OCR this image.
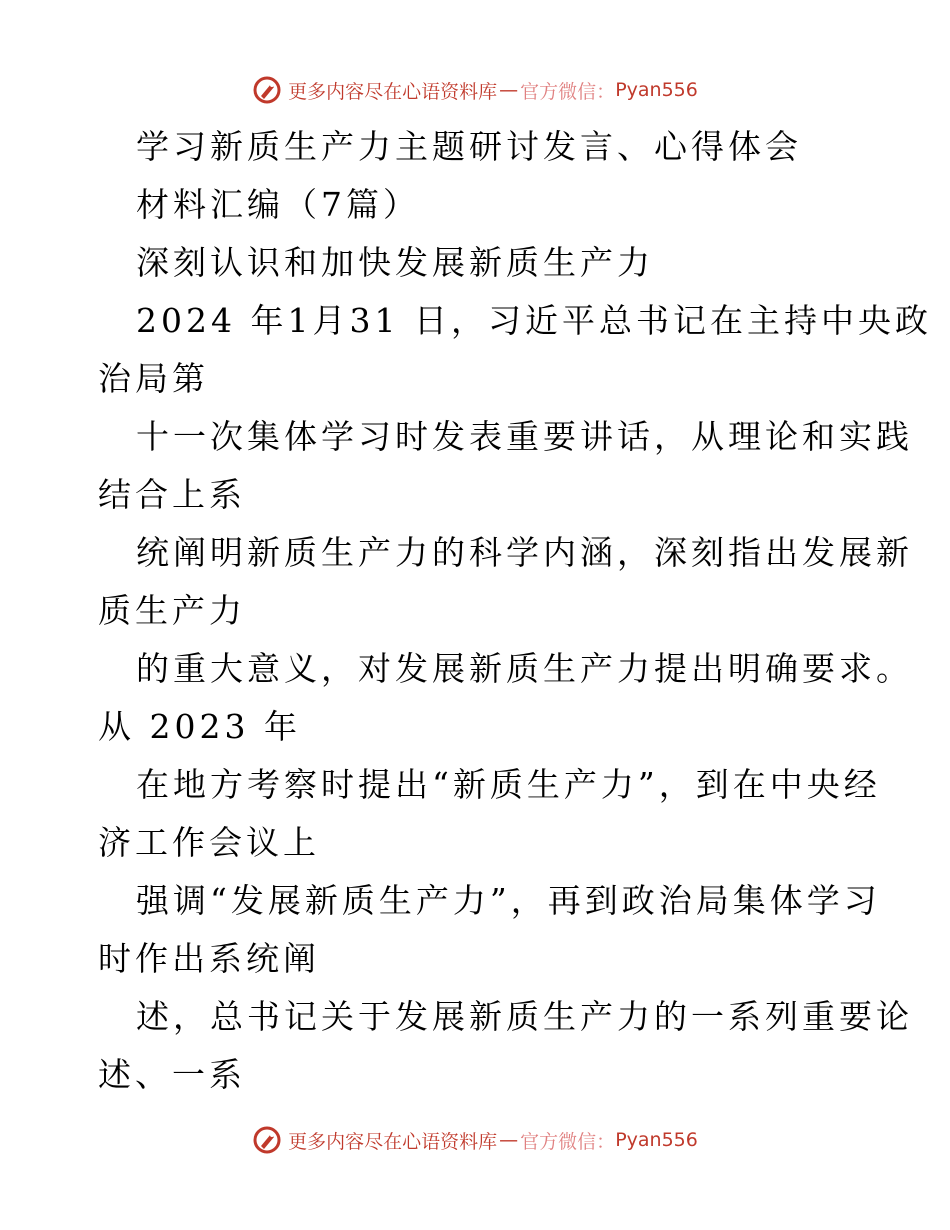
更多内容尽在心语资料库 — 官方微信： Pyan556
学习新质生产力主题研讨发言、心得体会
材料汇编（7篇）
深刻认识和加快发展新质生产力
2024 年1月31 日，习近平总书记在主持中央政
治局第
十一次集体学习时发表重要讲话，从理论和实践
结合上系
统阐明新质生产力的科学内涵，深刻指出发展新
质生产力
的重大意义，对发展新质生产力提出明确要求。
从 2023 年
在地方考察时提出“新质生产力”，到在中央经
济工作会议上
强调“发展新质生产力”，再到政治局集体学习
时作出系统阐
述，总书记关于发展新质生产力的一系列重要论
述、一系
更多内容尽在心语资料库 — 官方微信： Pyan556
